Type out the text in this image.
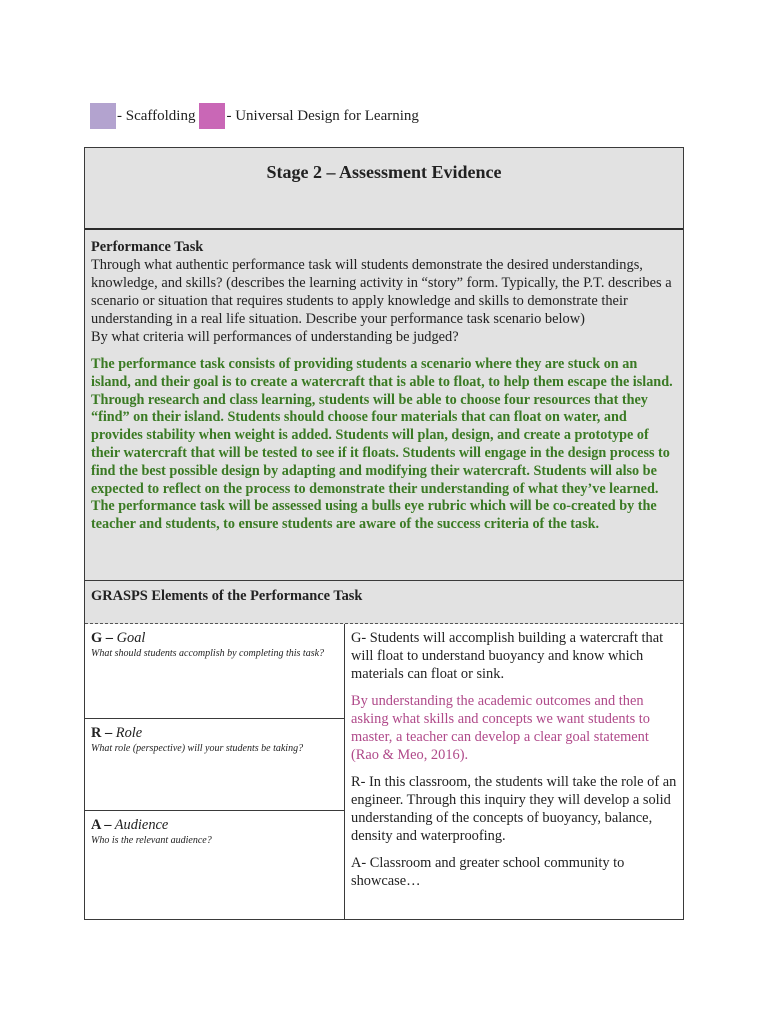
- Scaffolding - Universal Design for Learning
Stage 2 – Assessment Evidence
Performance Task

Through what authentic performance task will students demonstrate the desired understandings, knowledge, and skills? (describes the learning activity in “story” form. Typically, the P.T. describes a scenario or situation that requires students to apply knowledge and skills to demonstrate their understanding in a real life situation. Describe your performance task scenario below)

By what criteria will performances of understanding be judged?

The performance task consists of providing students a scenario where they are stuck on an island, and their goal is to create a watercraft that is able to float, to help them escape the island. Through research and class learning, students will be able to choose four resources that they “find” on their island. Students should choose four materials that can float on water, and provides stability when weight is added. Students will plan, design, and create a prototype of their watercraft that will be tested to see if it floats. Students will engage in the design process to find the best possible design by adapting and modifying their watercraft. Students will also be expected to reflect on the process to demonstrate their understanding of what they’ve learned. The performance task will be assessed using a bulls eye rubric which will be co-created by the teacher and students, to ensure students are aware of the success criteria of the task.
GRASPS Elements of the Performance Task
G – Goal
What should students accomplish by completing this task?
R – Role
What role (perspective) will your students be taking?
A – Audience
Who is the relevant audience?

G- Students will accomplish building a watercraft that will float to understand buoyancy and know which materials can float or sink.

By understanding the academic outcomes and then asking what skills and concepts we want students to master, a teacher can develop a clear goal statement (Rao & Meo, 2016).

R- In this classroom, the students will take the role of an engineer. Through this inquiry they will develop a solid understanding of the concepts of buoyancy, balance, density and waterproofing.

A- Classroom and greater school community to showcase…
